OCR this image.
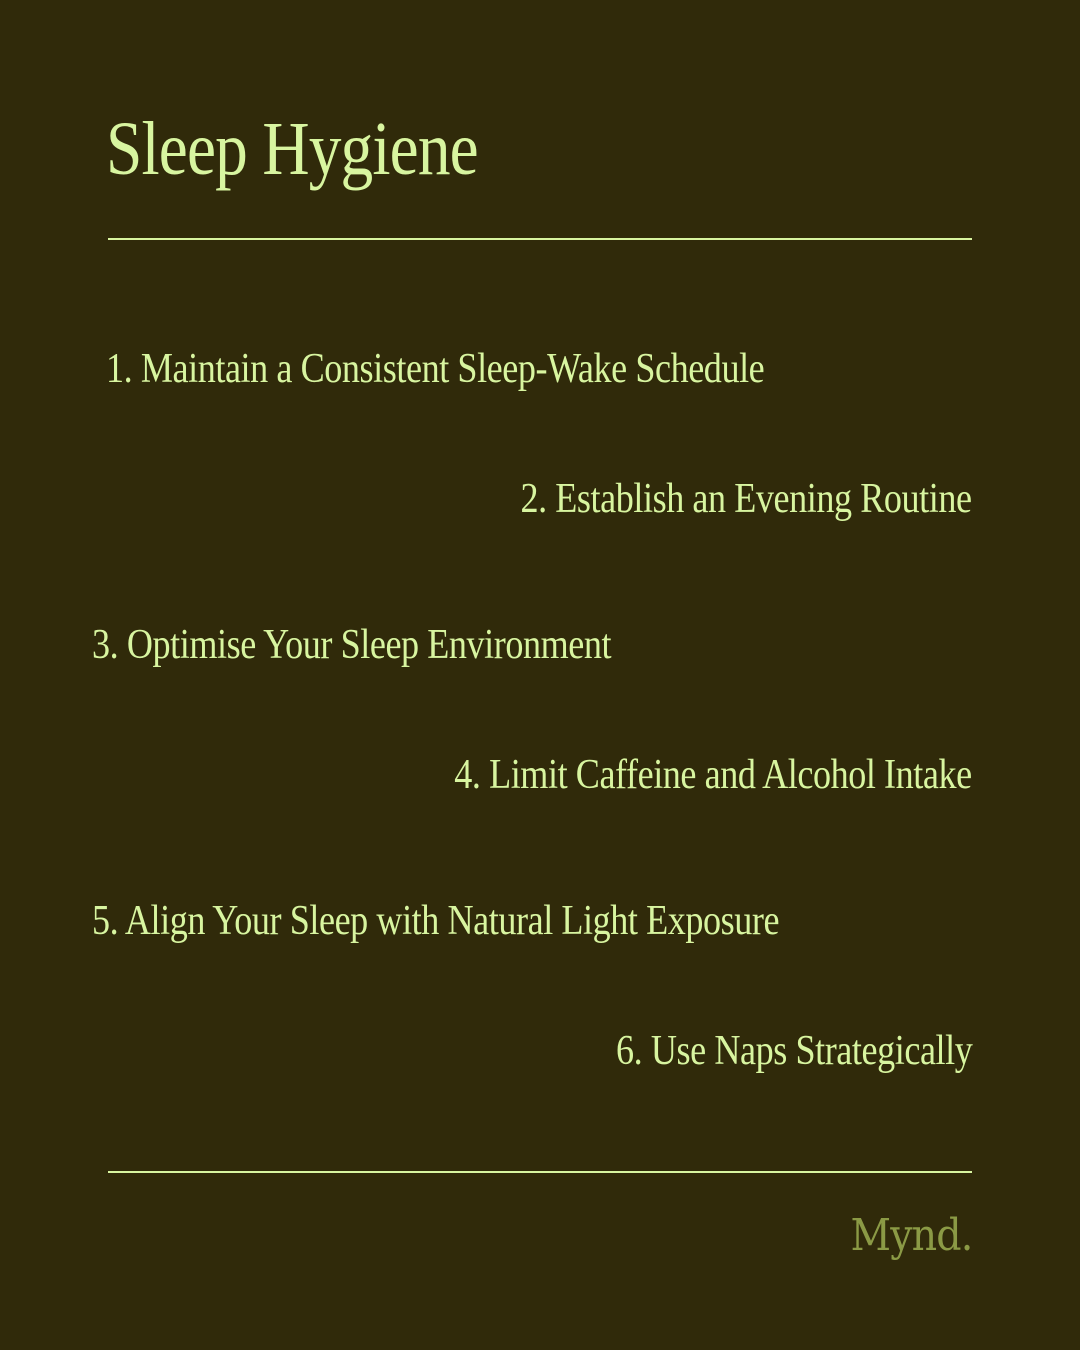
Sleep Hygiene

1. Maintain a Consistent Sleep-Wake Schedule

2. Establish an Evening Routine

3. Optimise Your Sleep Environment

4. Limit Caffeine and Alcohol Intake

5. Align Your Sleep with Natural Light Exposure

6. Use Naps Strategically

Mynd.
